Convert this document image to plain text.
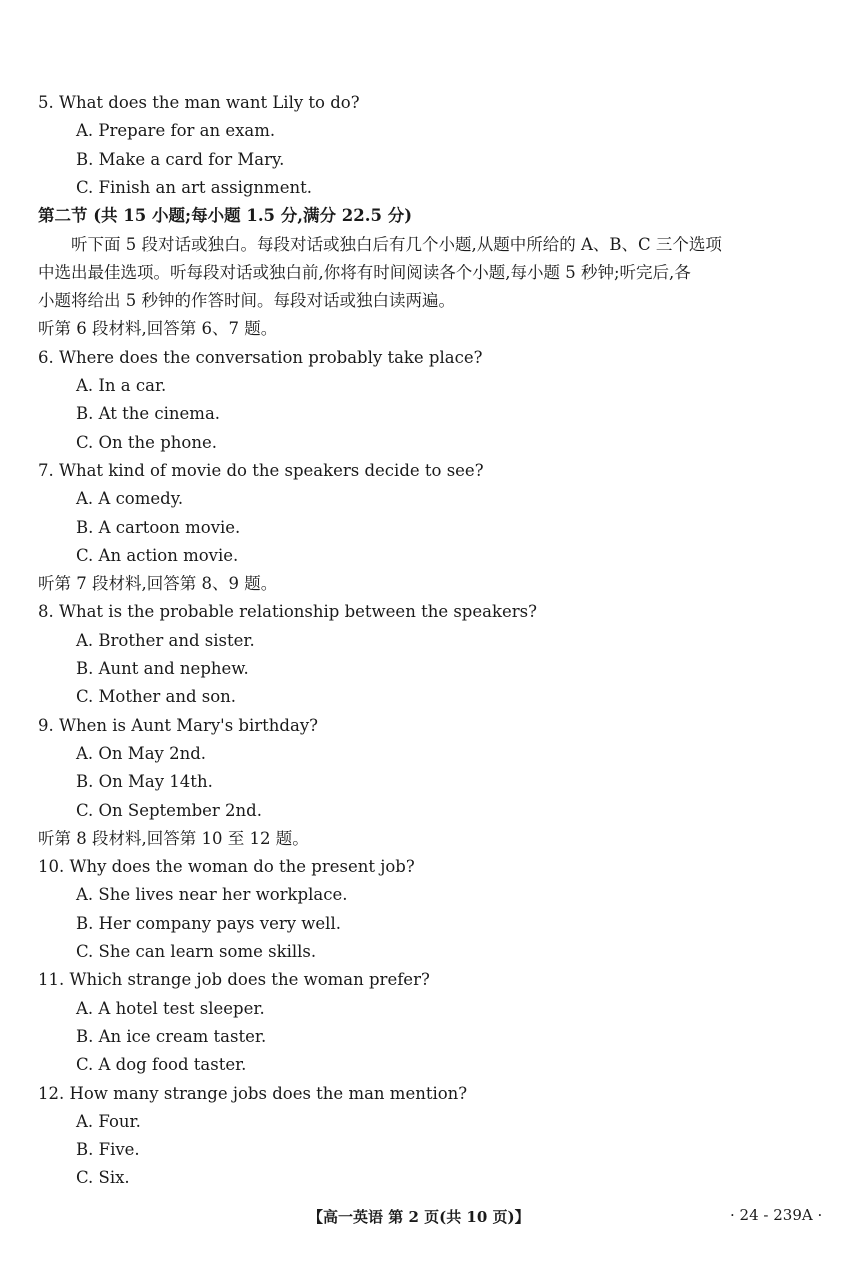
5. What does the man want Lily to do?
A. Prepare for an exam.
B. Make a card for Mary.
C. Finish an art assignment.
第二节 (共 15 小题;每小题 1.5 分,满分 22.5 分)
听下面 5 段对话或独白。每段对话或独白后有几个小题,从题中所给的 A、B、C 三个选项
中选出最佳选项。听每段对话或独白前,你将有时间阅读各个小题,每小题 5 秒钟;听完后,各
小题将给出 5 秒钟的作答时间。每段对话或独白读两遍。
听第 6 段材料,回答第 6、7 题。
6. Where does the conversation probably take place?
A. In a car.
B. At the cinema.
C. On the phone.
7. What kind of movie do the speakers decide to see?
A. A comedy.
B. A cartoon movie.
C. An action movie.
听第 7 段材料,回答第 8、9 题。
8. What is the probable relationship between the speakers?
A. Brother and sister.
B. Aunt and nephew.
C. Mother and son.
9. When is Aunt Mary's birthday?
A. On May 2nd.
B. On May 14th.
C. On September 2nd.
听第 8 段材料,回答第 10 至 12 题。
10. Why does the woman do the present job?
A. She lives near her workplace.
B. Her company pays very well.
C. She can learn some skills.
11. Which strange job does the woman prefer?
A. A hotel test sleeper.
B. An ice cream taster.
C. A dog food taster.
12. How many strange jobs does the man mention?
A. Four.
B. Five.
C. Six.
【高一英语 第 2 页(共 10 页)】	· 24 - 239A ·
